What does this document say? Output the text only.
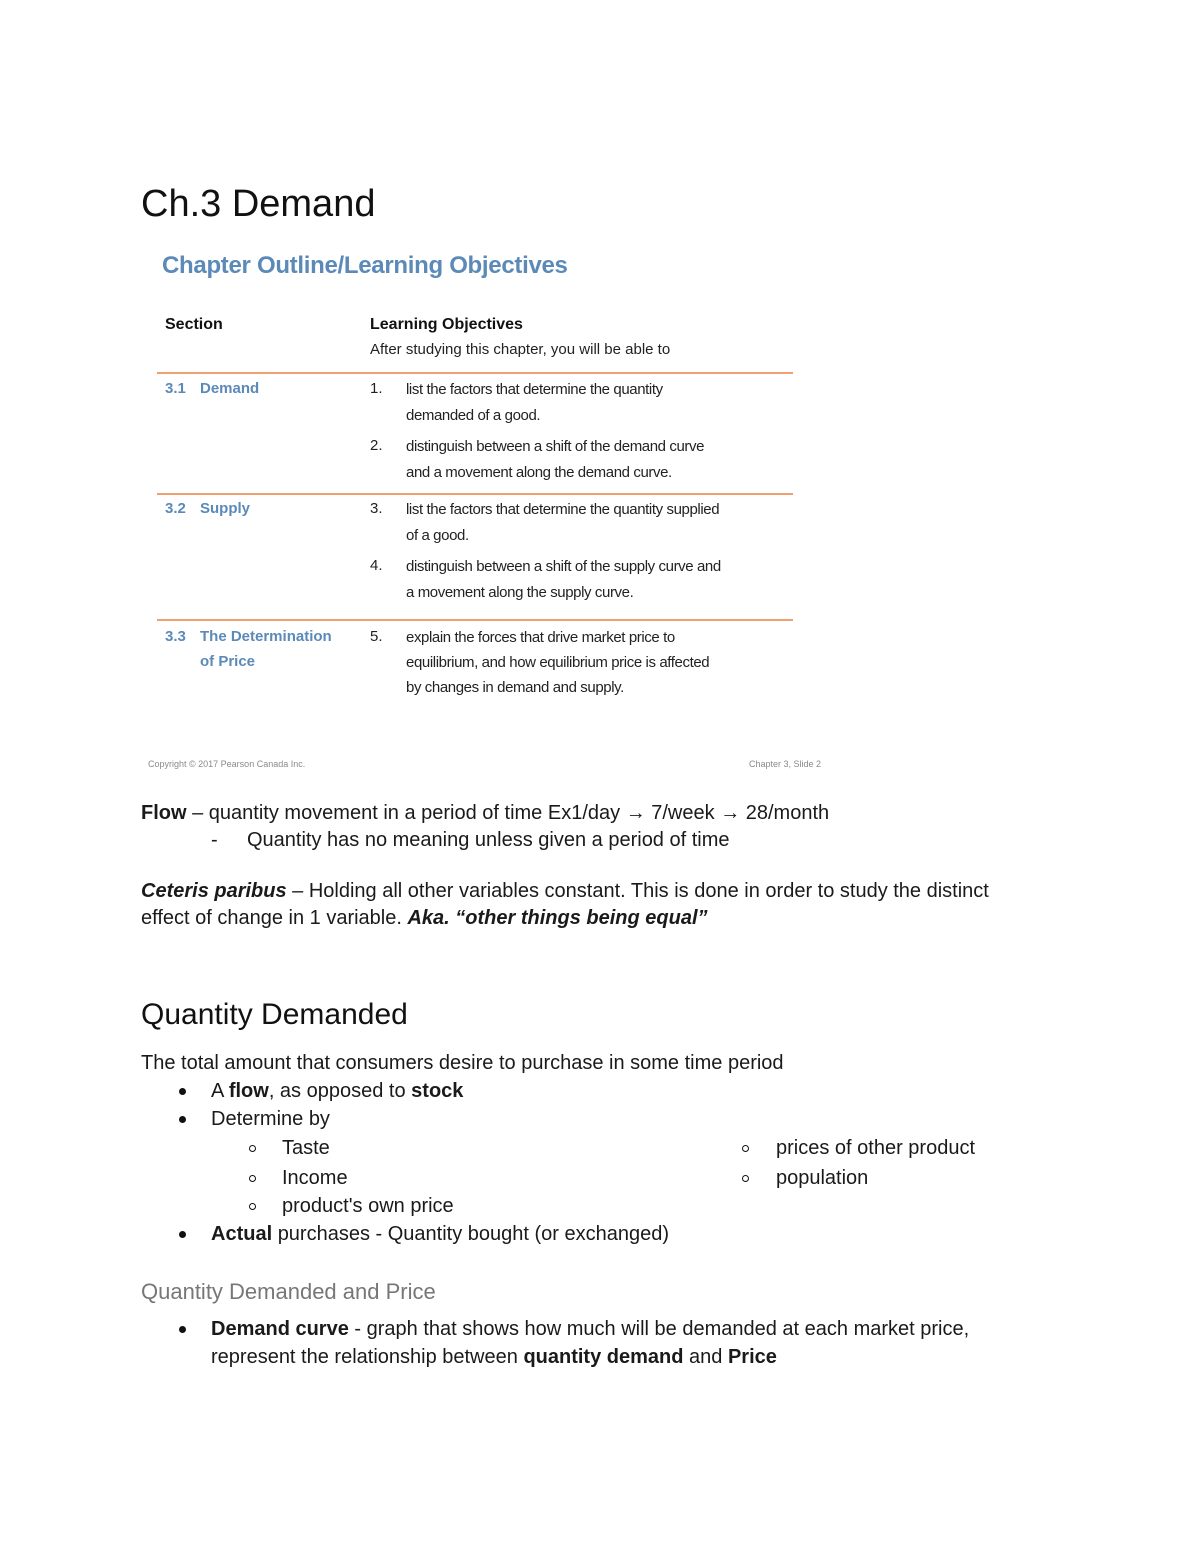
Ch.3 Demand
Chapter Outline/Learning Objectives
Section	Learning Objectives
After studying this chapter, you will be able to
3.1 Demand	1. list the factors that determine the quantity
demanded of a good.
2. distinguish between a shift of the demand curve
and a movement along the demand curve.
3.2 Supply	3. list the factors that determine the quantity supplied
of a good.
4. distinguish between a shift of the supply curve and
a movement along the supply curve.
3.3 The Determination
of Price
5. explain the forces that drive market price to
equilibrium, and how equilibrium price is affected
by changes in demand and supply.
Copyright © 2017 Pearson Canada Inc.	Chapter 3, Slide 2
Flow – quantity movement in a period of time Ex1/day → 7/week → 28/month
- Quantity has no meaning unless given a period of time
Ceteris paribus – Holding all other variables constant. This is done in order to study the distinct
effect of change in 1 variable. Aka. “other things being equal”
Quantity Demanded
The total amount that consumers desire to purchase in some time period
A flow, as opposed to stock
Determine by
Taste
Income
product's own price
prices of other product
population
Actual purchases - Quantity bought (or exchanged)
Quantity Demanded and Price
Demand curve - graph that shows how much will be demanded at each market price,
represent the relationship between quantity demand and Price
